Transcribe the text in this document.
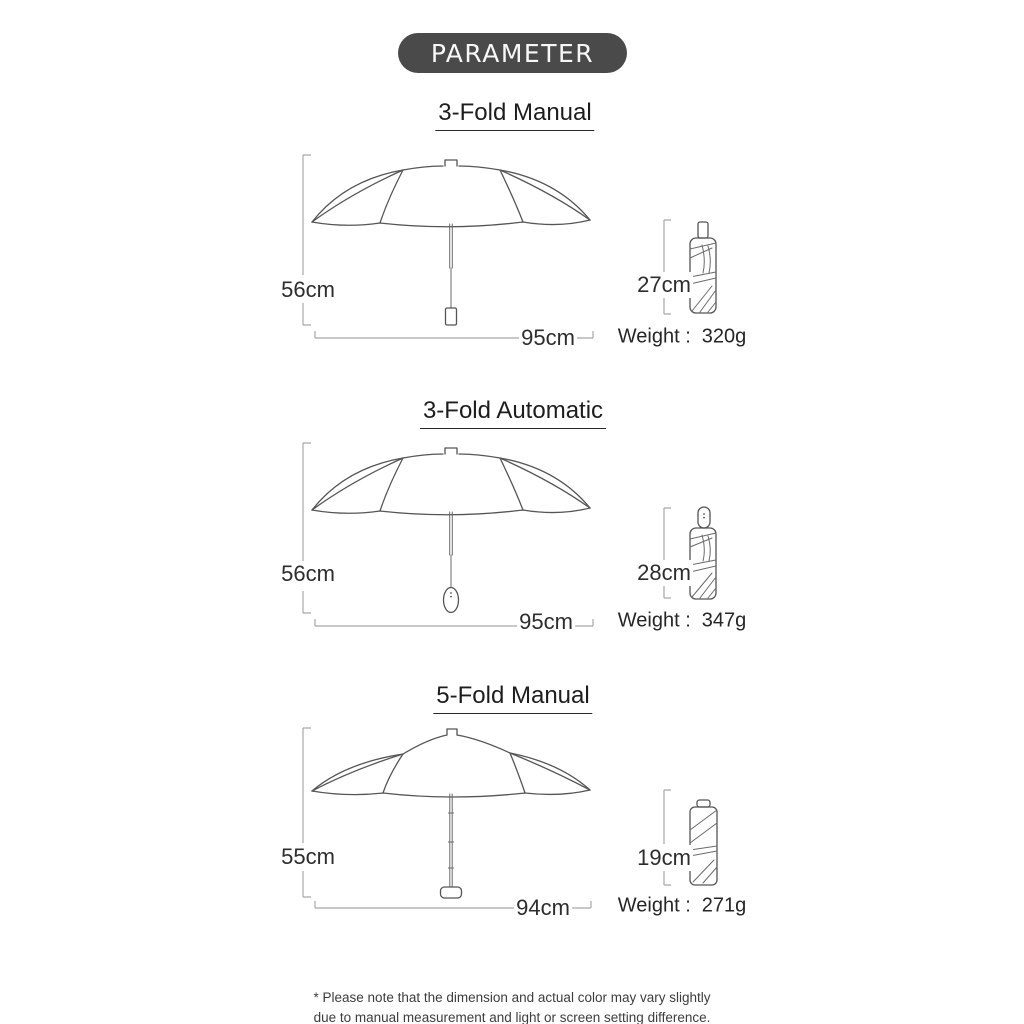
PARAMETER
3-Fold Manual
56cm
95cm
27cm
Weight : 320g
3-Fold Automatic
56cm
95cm
28cm
Weight : 347g
5-Fold Manual
55cm
94cm
19cm
Weight : 271g
* Please note that the dimension and actual color may vary slightly
due to manual measurement and light or screen setting difference.
